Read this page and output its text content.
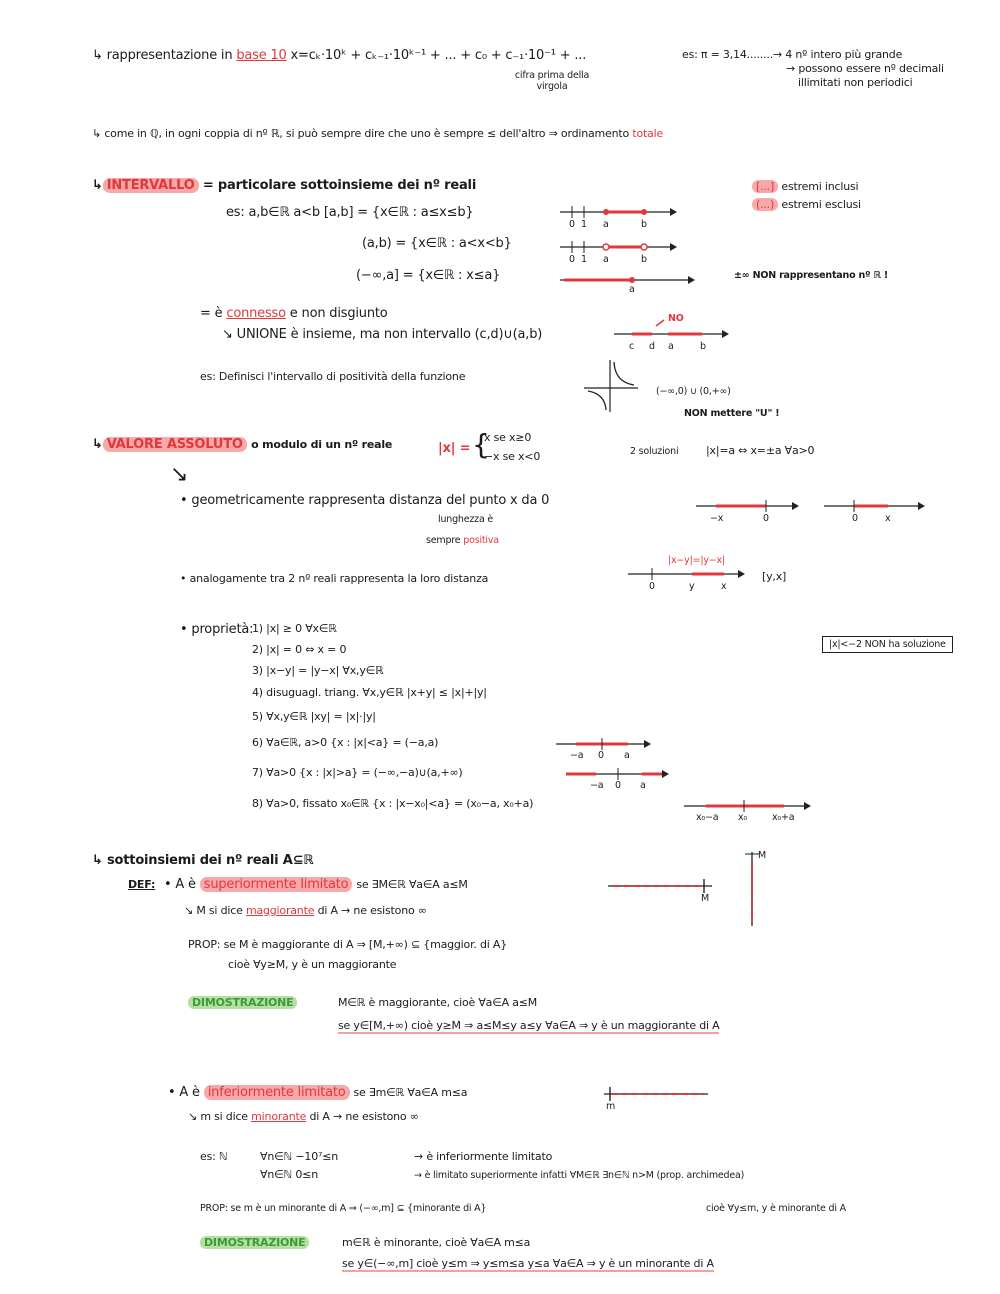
↳ rappresentazione in base 10 x=cₖ·10ᵏ + cₖ₋₁·10ᵏ⁻¹ + ... + c₀ + c₋₁·10⁻¹ + ...
cifra prima della virgola
es: π = 3,14........→ 4 nº intero più grande
→ possono essere nº decimali
illimitati non periodici
↳ come in ℚ, in ogni coppia di nº ℝ, si può sempre dire che uno è sempre ≤ dell'altro ⇒ ordinamento totale
↳ INTERVALLO = particolare sottoinsieme dei nº reali	[...] estremi inclusi
(...) estremi esclusi
es: a,b∈ℝ a<b [a,b] = {x∈ℝ : a≤x≤b}
(a,b) = {x∈ℝ : a<x<b}
(−∞,a] = {x∈ℝ : x≤a}	±∞ NON rappresentano nº ℝ !
0 1 a	b
0 1 a	b
a
= è connesso e non disgiunto
↘ UNIONE è insieme, ma non intervallo (c,d)∪(a,b)
NO
c d a	b
es: Definisci l'intervallo di positività della funzione
(−∞,0) ∪ (0,+∞)
NON mettere "U" !
↳ VALORE ASSOLUTO o modulo di un nº reale	|x| = {
x se x≥0
−x se x<0	2 soluzioni	|x|=a ⇔ x=±a ∀a>0
↘
• geometricamente rappresenta distanza del punto x da 0
lunghezza è
sempre positiva
−x	0	0	x
• analogamente tra 2 nº reali rappresenta la loro distanza
|x−y|=|y−x|
0	y	x
[y,x]
• proprietà:
1) |x| ≥ 0 ∀x∈ℝ
2) |x| = 0 ⇔ x = 0
3) |x−y| = |y−x| ∀x,y∈ℝ
4) disuguagl. triang. ∀x,y∈ℝ |x+y| ≤ |x|+|y|
5) ∀x,y∈ℝ |xy| = |x|·|y|
6) ∀a∈ℝ, a>0 {x : |x|<a} = (−a,a)
7) ∀a>0 {x : |x|>a} = (−∞,−a)∪(a,+∞)
8) ∀a>0, fissato x₀∈ℝ {x : |x−x₀|<a} = (x₀−a, x₀+a)
|x|<−2 NON ha soluzione
−a 0 a
−a 0 a
x₀−a x₀	x₀+a
↳ sottoinsiemi dei nº reali A⊆ℝ
DEF: • A è superiormente limitato se ∃M∈ℝ ∀a∈A a≤M
M
M
↘ M si dice maggiorante di A → ne esistono ∞
PROP: se M è maggiorante di A ⇒ [M,+∞) ⊆ {maggior. di A}
cioè ∀y≥M, y è un maggiorante
DIMOSTRAZIONE	M∈ℝ è maggiorante, cioè ∀a∈A a≤M
se y∈[M,+∞) cioè y≥M ⇒ a≤M≤y a≤y ∀a∈A ⇒ y è un maggiorante di A
• A è inferiormente limitato se ∃m∈ℝ ∀a∈A m≤a
m
↘ m si dice minorante di A → ne esistono ∞
es: ℕ	∀n∈ℕ −10⁷≤n	→ è inferiormente limitato
∀n∈ℕ 0≤n	→ è limitato superiormente infatti ∀M∈ℝ ∃n∈ℕ n>M (prop. archimedea)
PROP: se m è un minorante di A ⇒ (−∞,m] ⊆ {minorante di A}	cioè ∀y≤m, y è minorante di A
DIMOSTRAZIONE	m∈ℝ è minorante, cioè ∀a∈A m≤a
se y∈(−∞,m] cioè y≤m ⇒ y≤m≤a y≤a ∀a∈A ⇒ y è un minorante di A
